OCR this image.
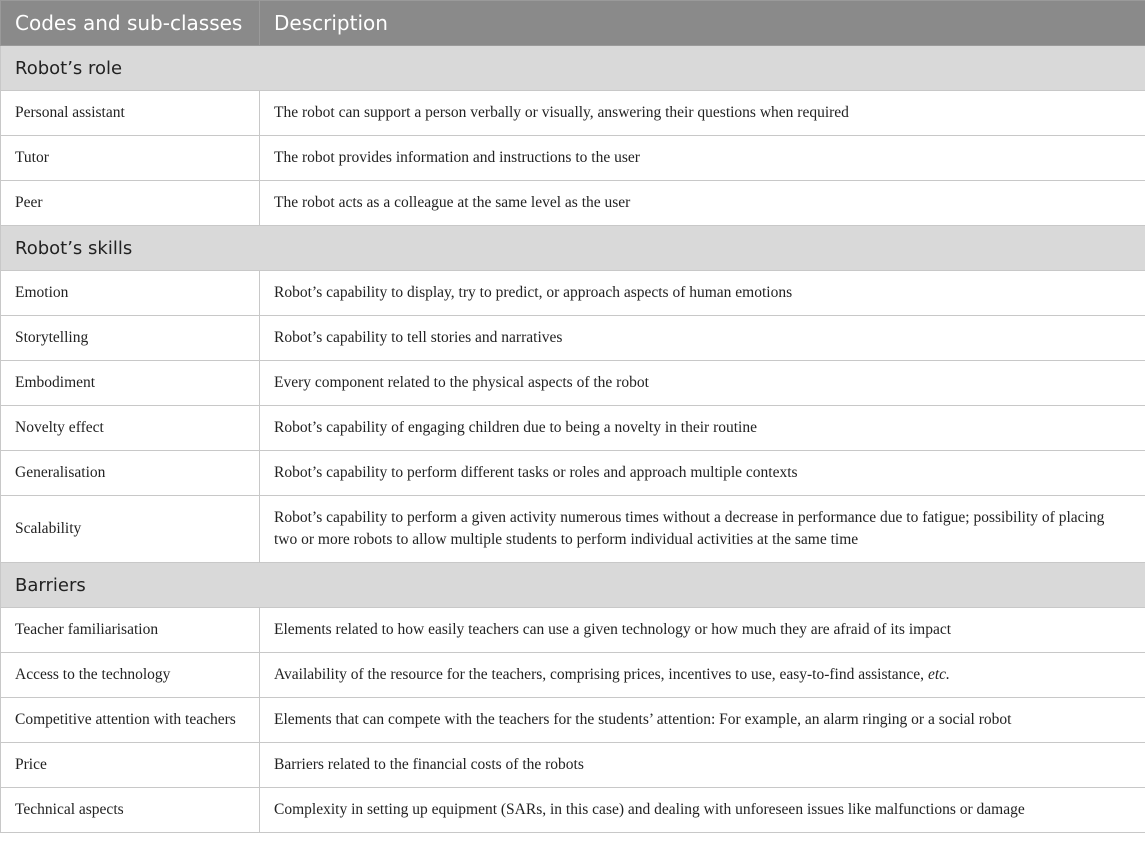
Codes and sub-classes	Description
Robot’s role	
Personal assistant	The robot can support a person verbally or visually, answering their questions when required
Tutor	The robot provides information and instructions to the user
Peer	The robot acts as a colleague at the same level as the user
Robot’s skills	
Emotion	Robot’s capability to display, try to predict, or approach aspects of human emotions
Storytelling	Robot’s capability to tell stories and narratives
Embodiment	Every component related to the physical aspects of the robot
Novelty effect	Robot’s capability of engaging children due to being a novelty in their routine
Generalisation	Robot’s capability to perform different tasks or roles and approach multiple contexts
Scalability	Robot’s capability to perform a given activity numerous times without a decrease in performance due to fatigue; possibility of placing two or more robots to allow multiple students to perform individual activities at the same time
Barriers	
Teacher familiarisation	Elements related to how easily teachers can use a given technology or how much they are afraid of its impact
Access to the technology	Availability of the resource for the teachers, comprising prices, incentives to use, easy-to-find assistance, etc.
Competitive attention with teachers	Elements that can compete with the teachers for the students’ attention: For example, an alarm ringing or a social robot
Price	Barriers related to the financial costs of the robots
Technical aspects	Complexity in setting up equipment (SARs, in this case) and dealing with unforeseen issues like malfunctions or damage
